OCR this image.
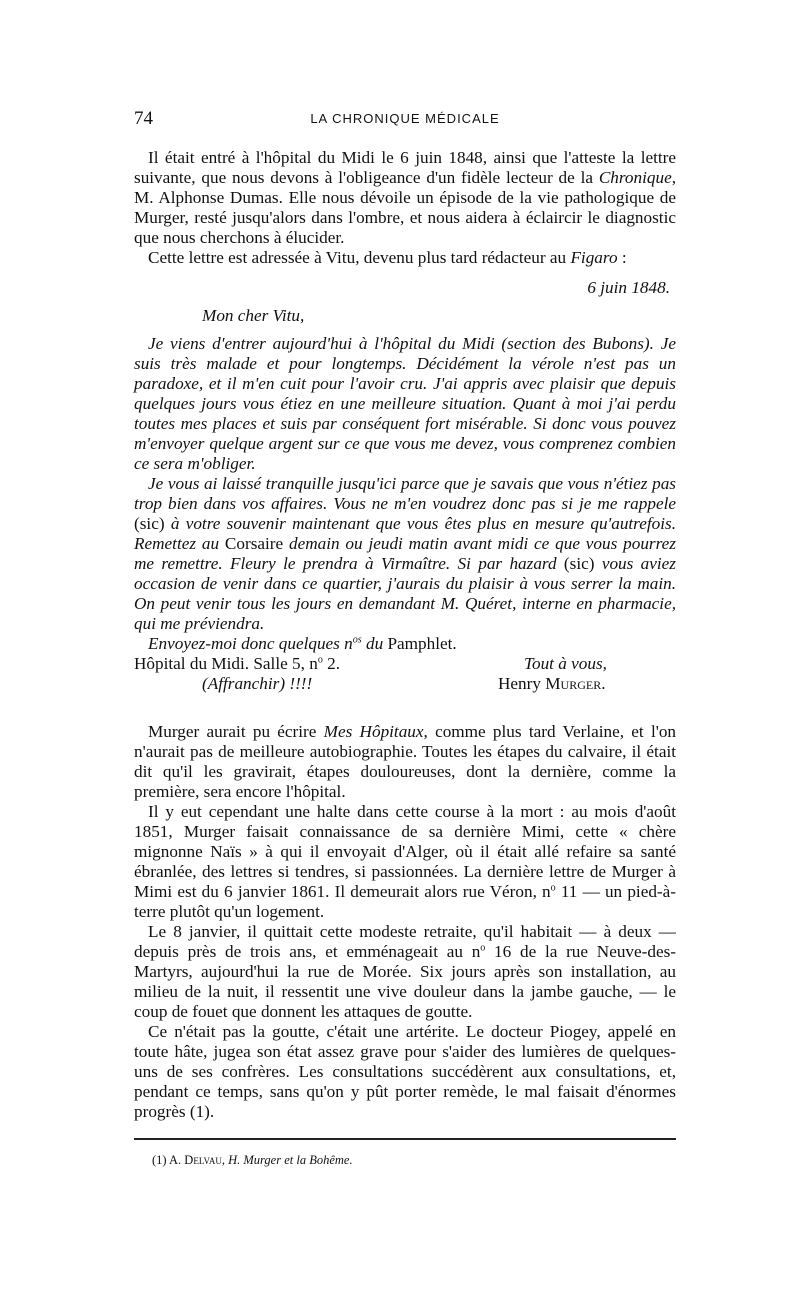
74	LA CHRONIQUE MÉDICALE

Il était entré à l'hôpital du Midi le 6 juin 1848, ainsi que l'atteste la lettre suivante, que nous devons à l'obligeance d'un fidèle lecteur de la Chronique, M. Alphonse Dumas. Elle nous dévoile un épisode de la vie pathologique de Murger, resté jusqu'alors dans l'ombre, et nous aidera à éclaircir le diagnostic que nous cherchons à élucider.

Cette lettre est adressée à Vitu, devenu plus tard rédacteur au Figaro :

6 juin 1848.
Mon cher Vitu,

Je viens d'entrer aujourd'hui à l'hôpital du Midi (section des Bubons). Je suis très malade et pour longtemps. Décidément la vérole n'est pas un paradoxe, et il m'en cuit pour l'avoir cru. J'ai appris avec plaisir que depuis quelques jours vous étiez en une meilleure situation. Quant à moi j'ai perdu toutes mes places et suis par conséquent fort misérable. Si donc vous pouvez m'envoyer quelque argent sur ce que vous me devez, vous comprenez combien ce sera m'obliger.

Je vous ai laissé tranquille jusqu'ici parce que je savais que vous n'étiez pas trop bien dans vos affaires. Vous ne m'en voudrez donc pas si je me rappele (sic) à votre souvenir maintenant que vous êtes plus en mesure qu'autrefois. Remettez au Corsaire demain ou jeudi matin avant midi ce que vous pourrez me remettre. Fleury le prendra à Virmaître. Si par hazard (sic) vous aviez occasion de venir dans ce quartier, j'aurais du plaisir à vous serrer la main. On peut venir tous les jours en demandant M. Quéret, interne en pharmacie, qui me préviendra.

Envoyez-moi donc quelques $n^{os}$ du Pamphlet.

Hôpital du Midi. Salle 5, $n^o$ 2.	Tout à vous,
(Affranchir) !!!!	Henry Murger.

Murger aurait pu écrire Mes Hôpitaux, comme plus tard Verlaine, et l'on n'aurait pas de meilleure autobiographie. Toutes les étapes du calvaire, il était dit qu'il les gravirait, étapes douloureuses, dont la dernière, comme la première, sera encore l'hôpital.

Il y eut cependant une halte dans cette course à la mort : au mois d'août 1851, Murger faisait connaissance de sa dernière Mimi, cette « chère mignonne Naïs » à qui il envoyait d'Alger, où il était allé refaire sa santé ébranlée, des lettres si tendres, si passionnées. La dernière lettre de Murger à Mimi est du 6 janvier 1861. Il demeurait alors rue Véron, $n^o$ 11 — un pied-à-terre plutôt qu'un logement.

Le 8 janvier, il quittait cette modeste retraite, qu'il habitait — à deux — depuis près de trois ans, et emménageait au $n^o$ 16 de la rue Neuve-des-Martyrs, aujourd'hui la rue de Morée. Six jours après son installation, au milieu de la nuit, il ressentit une vive douleur dans la jambe gauche, — le coup de fouet que donnent les attaques de goutte.

Ce n'était pas la goutte, c'était une artérite. Le docteur Piogey, appelé en toute hâte, jugea son état assez grave pour s'aider des lumières de quelques-uns de ses confrères. Les consultations succédèrent aux consultations, et, pendant ce temps, sans qu'on y pût porter remède, le mal faisait d'énormes progrès (1).

(1) A. Delvau, H. Murger et la Bohême.
